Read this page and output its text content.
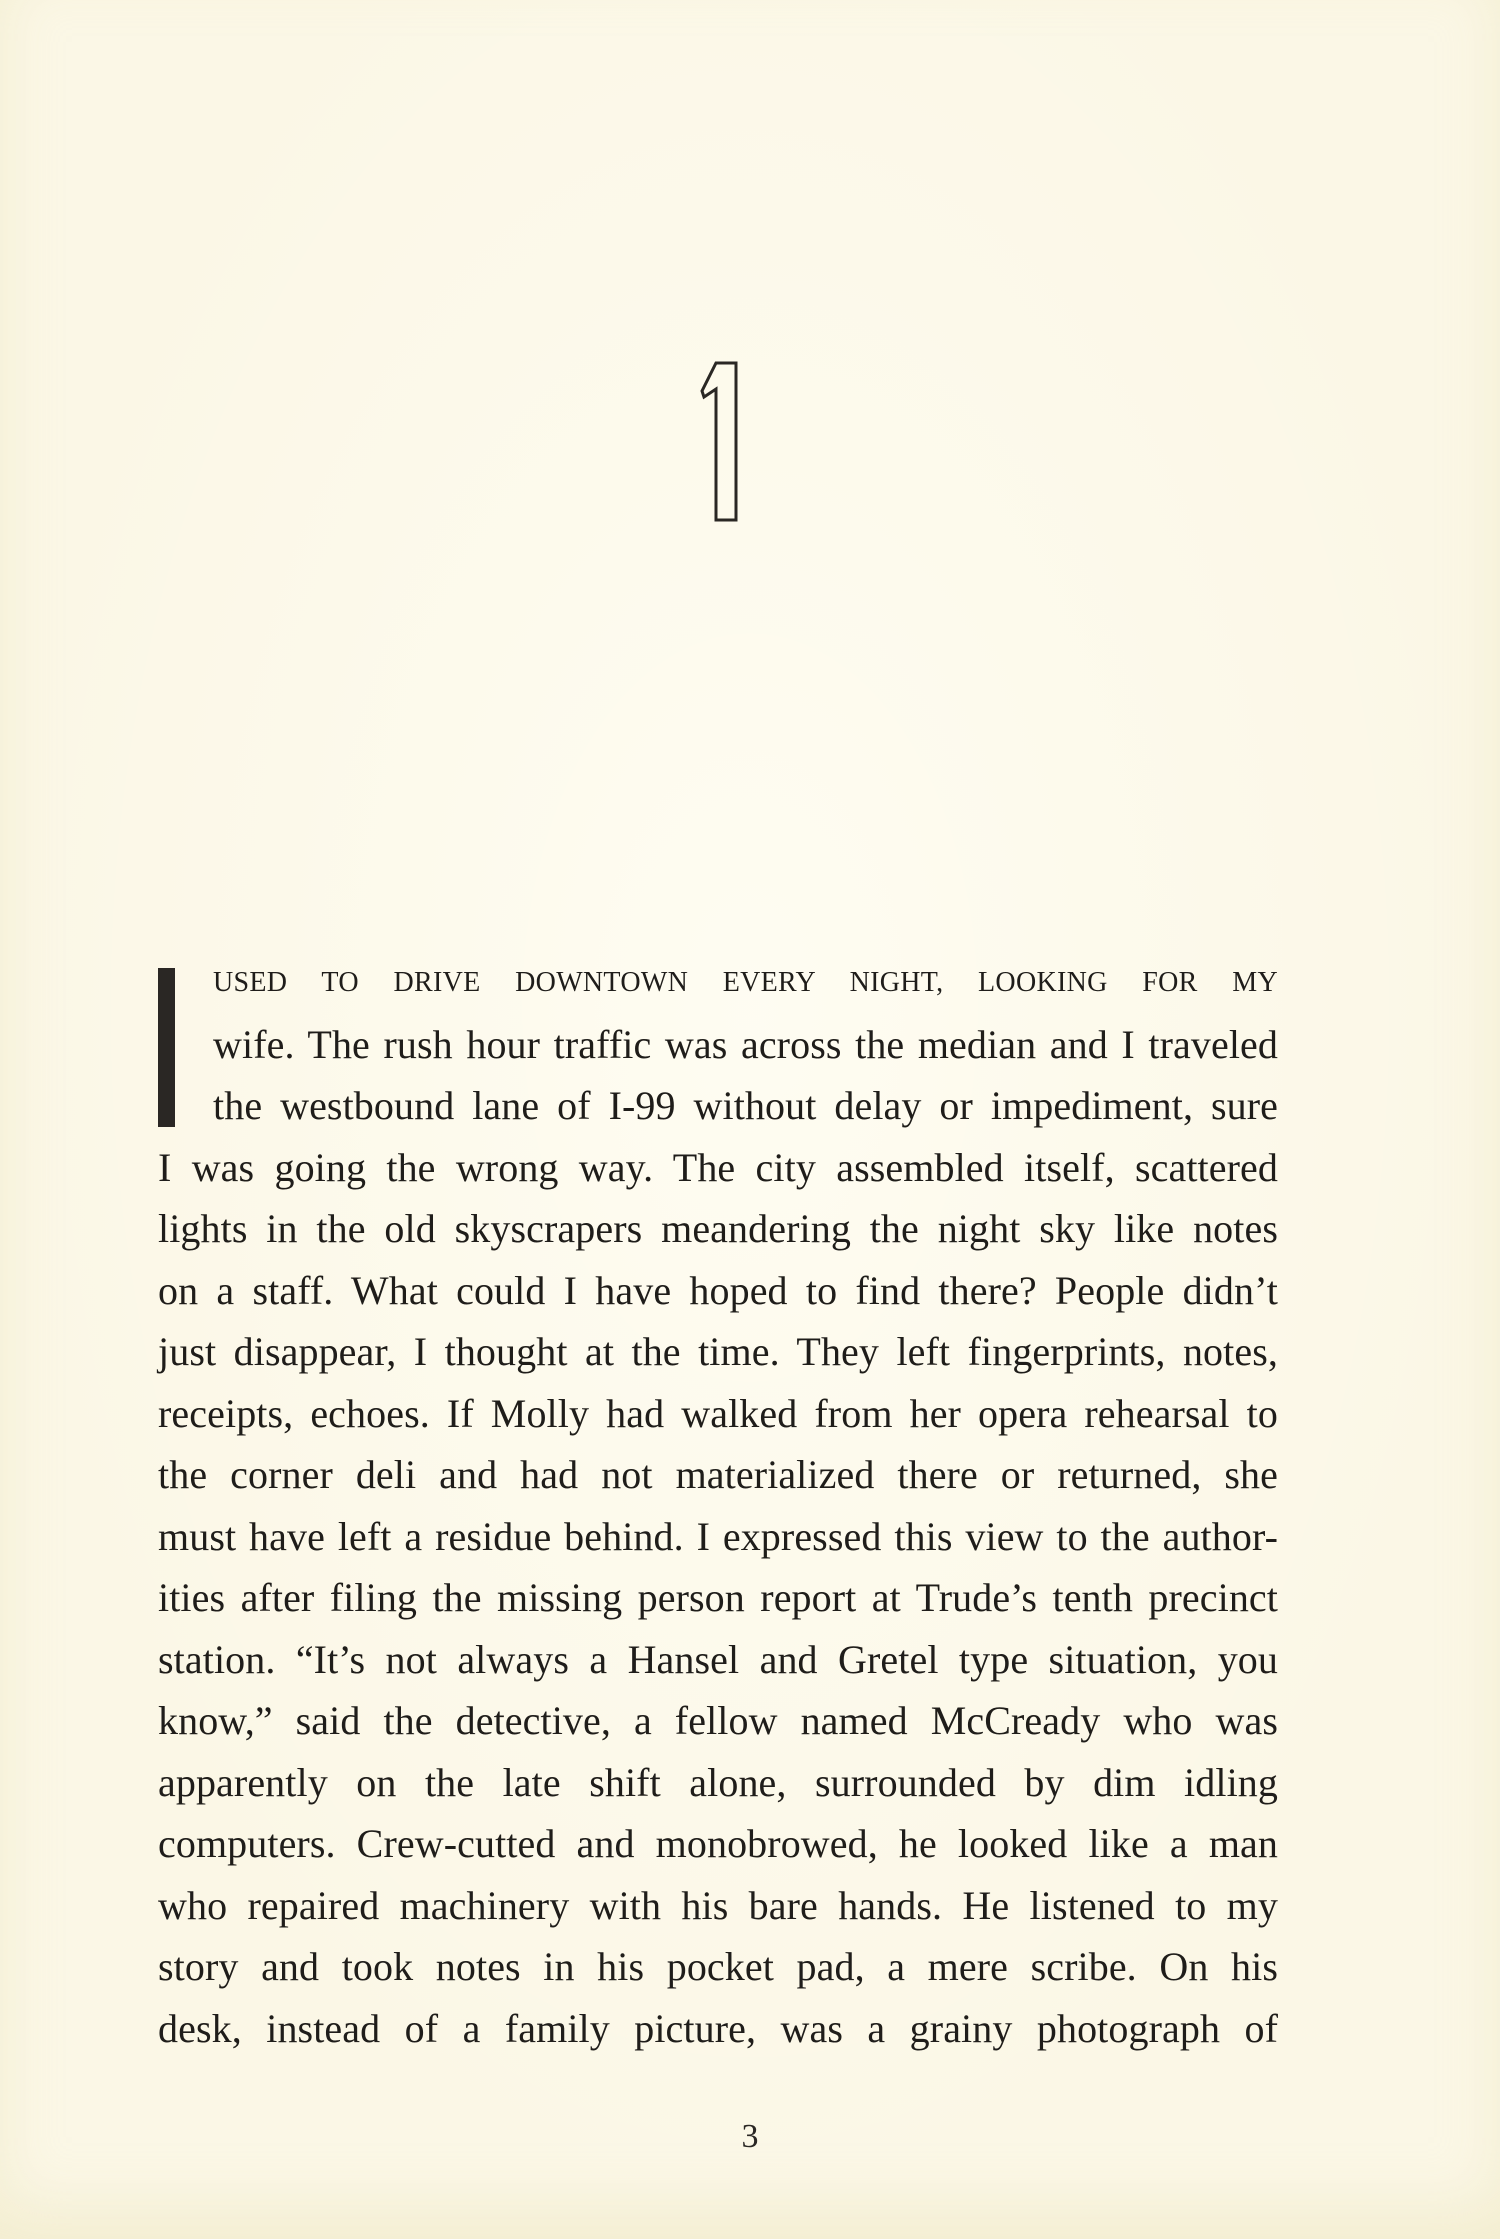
USED TO DRIVE DOWNTOWN EVERY NIGHT, LOOKING FOR MY
wife. The rush hour traffic was across the median and I traveled
the westbound lane of I-99 without delay or impediment, sure
I was going the wrong way. The city assembled itself, scattered
lights in the old skyscrapers meandering the night sky like notes
on a staff. What could I have hoped to find there? People didn’t
just disappear, I thought at the time. They left fingerprints, notes,
receipts, echoes. If Molly had walked from her opera rehearsal to
the corner deli and had not materialized there or returned, she
must have left a residue behind. I expressed this view to the author-
ities after filing the missing person report at Trude’s tenth precinct
station. “It’s not always a Hansel and Gretel type situation, you
know,” said the detective, a fellow named McCready who was
apparently on the late shift alone, surrounded by dim idling
computers. Crew-cutted and monobrowed, he looked like a man
who repaired machinery with his bare hands. He listened to my
story and took notes in his pocket pad, a mere scribe. On his
desk, instead of a family picture, was a grainy photograph of
3
